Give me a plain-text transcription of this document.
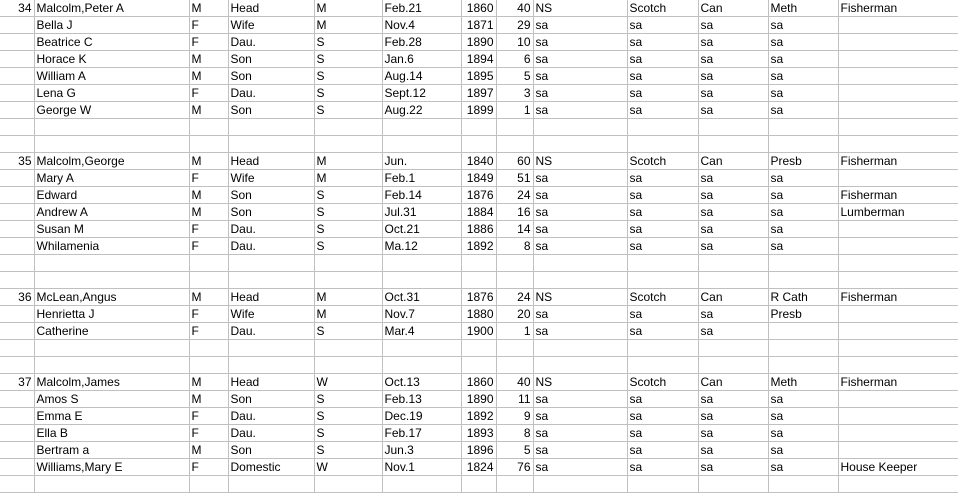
34	Malcolm,Peter A	M	Head	M	Feb.21	1860	40	NS	Scotch	Can	Meth	Fisherman
	Bella J	F	Wife	M	Nov.4	1871	29	sa	sa	sa	sa	
	Beatrice C	F	Dau.	S	Feb.28	1890	10	sa	sa	sa	sa	
	Horace K	M	Son	S	Jan.6	1894	6	sa	sa	sa	sa	
	William A	M	Son	S	Aug.14	1895	5	sa	sa	sa	sa	
	Lena G	F	Dau.	S	Sept.12	1897	3	sa	sa	sa	sa	
	George W	M	Son	S	Aug.22	1899	1	sa	sa	sa	sa	

35	Malcolm,George	M	Head	M	Jun.	1840	60	NS	Scotch	Can	Presb	Fisherman
	Mary A	F	Wife	M	Feb.1	1849	51	sa	sa	sa	sa	
	Edward	M	Son	S	Feb.14	1876	24	sa	sa	sa	sa	Fisherman
	Andrew A	M	Son	S	Jul.31	1884	16	sa	sa	sa	sa	Lumberman
	Susan M	F	Dau.	S	Oct.21	1886	14	sa	sa	sa	sa	
	Whilamenia	F	Dau.	S	Ma.12	1892	8	sa	sa	sa	sa	

36	McLean,Angus	M	Head	M	Oct.31	1876	24	NS	Scotch	Can	R Cath	Fisherman
	Henrietta J	F	Wife	M	Nov.7	1880	20	sa	sa	sa	Presb	
	Catherine	F	Dau.	S	Mar.4	1900	1	sa	sa	sa		

37	Malcolm,James	M	Head	W	Oct.13	1860	40	NS	Scotch	Can	Meth	Fisherman
	Amos S	M	Son	S	Feb.13	1890	11	sa	sa	sa	sa	
	Emma E	F	Dau.	S	Dec.19	1892	9	sa	sa	sa	sa	
	Ella B	F	Dau.	S	Feb.17	1893	8	sa	sa	sa	sa	
	Bertram a	M	Son	S	Jun.3	1896	5	sa	sa	sa	sa	
	Williams,Mary E	F	Domestic	W	Nov.1	1824	76	sa	sa	sa	sa	House Keeper
